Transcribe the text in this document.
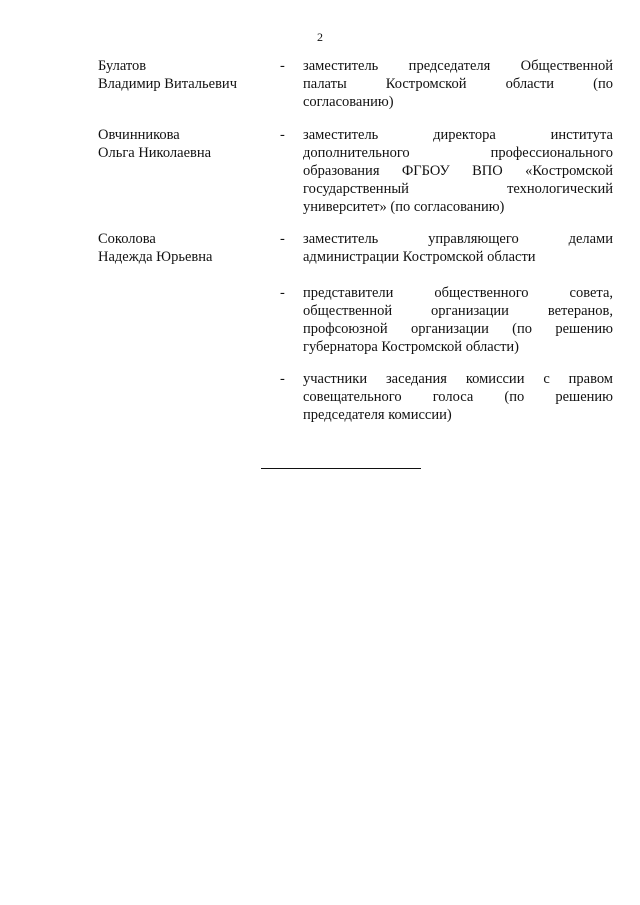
2
Булатов
Владимир Витальевич
- заместитель председателя Общественной
палаты Костромской области (по
согласованию)
Овчинникова
Ольга Николаевна
- заместитель директора института
дополнительного профессионального
образования ФГБОУ ВПО «Костромской
государственный технологический
университет» (по согласованию)
Соколова
Надежда Юрьевна
- заместитель управляющего делами
администрации Костромской области
- представители общественного совета,
общественной организации ветеранов,
профсоюзной организации (по решению
губернатора Костромской области)
- участники заседания комиссии с правом
совещательного голоса (по решению
председателя комиссии)
